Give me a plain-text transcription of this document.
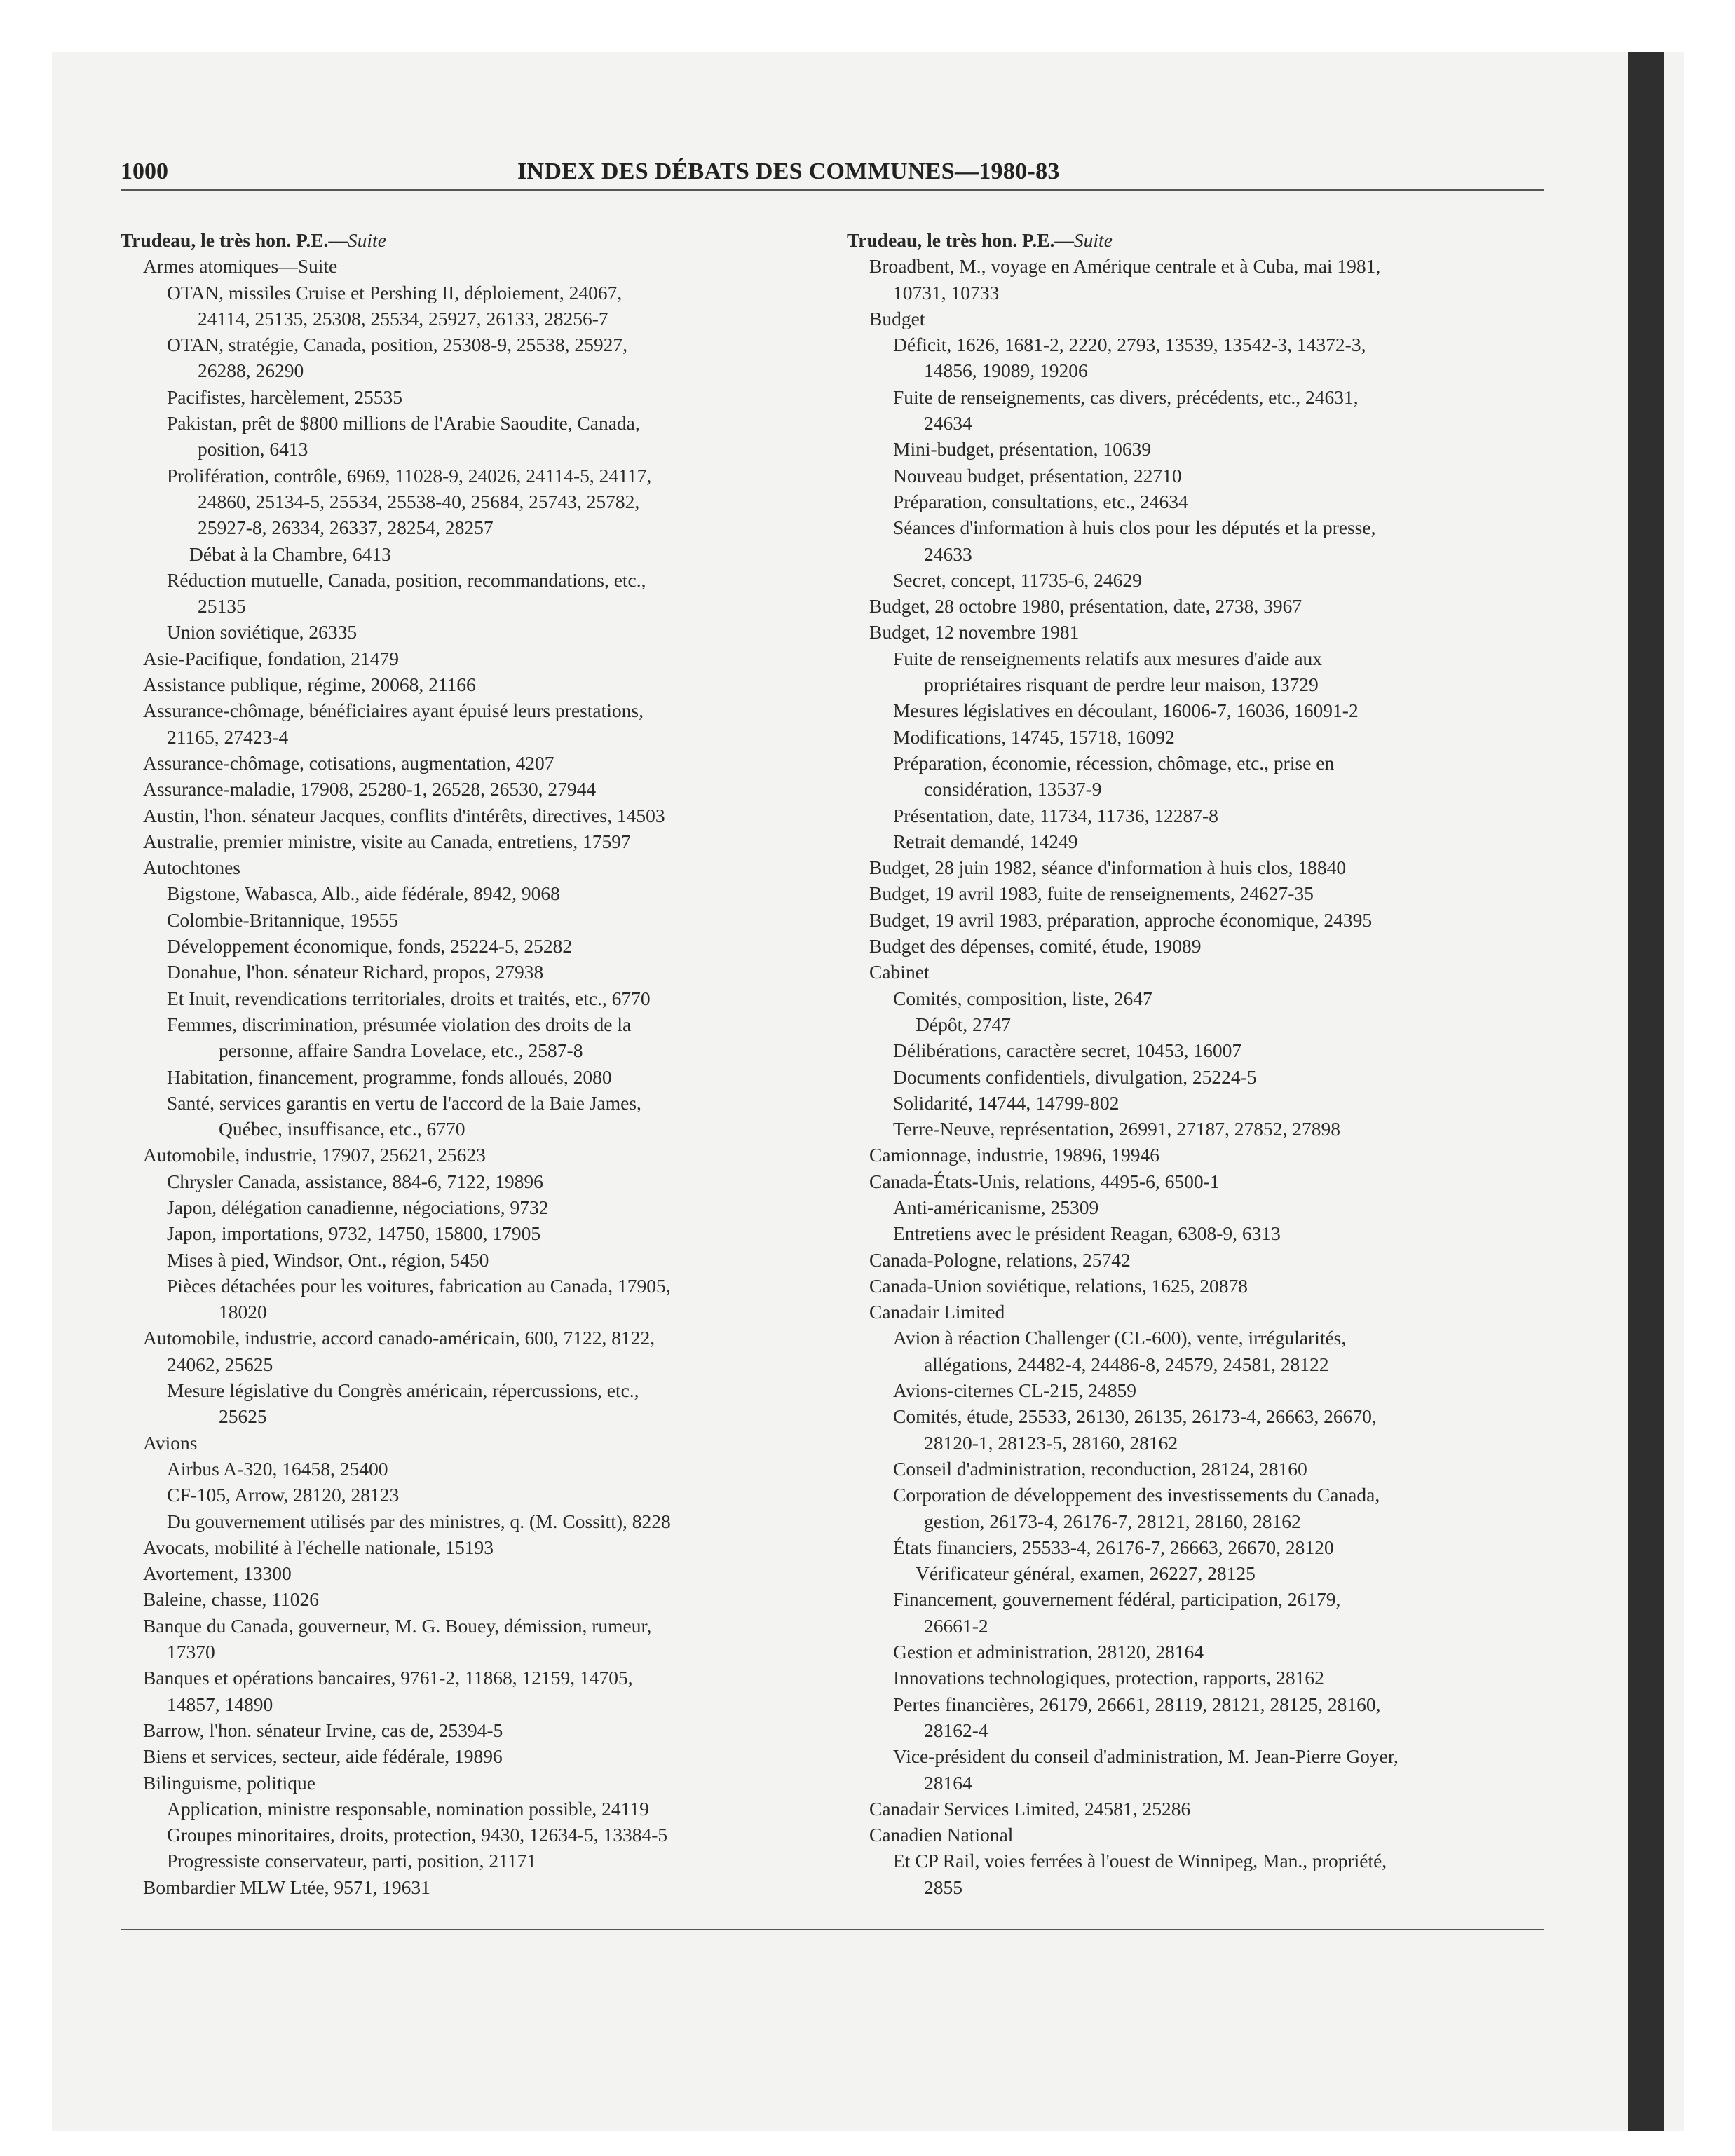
1000	INDEX DES DÉBATS DES COMMUNES—1980-83
Trudeau, le très hon. P.E.—Suite
Armes atomiques—Suite
OTAN, missiles Cruise et Pershing II, déploiement, 24067,
24114, 25135, 25308, 25534, 25927, 26133, 28256-7
OTAN, stratégie, Canada, position, 25308-9, 25538, 25927,
26288, 26290
Pacifistes, harcèlement, 25535
Pakistan, prêt de $800 millions de l'Arabie Saoudite, Canada,
position, 6413
Prolifération, contrôle, 6969, 11028-9, 24026, 24114-5, 24117,
24860, 25134-5, 25534, 25538-40, 25684, 25743, 25782,
25927-8, 26334, 26337, 28254, 28257
Débat à la Chambre, 6413
Réduction mutuelle, Canada, position, recommandations, etc.,
25135
Union soviétique, 26335
Asie-Pacifique, fondation, 21479
Assistance publique, régime, 20068, 21166
Assurance-chômage, bénéficiaires ayant épuisé leurs prestations,
21165, 27423-4
Assurance-chômage, cotisations, augmentation, 4207
Assurance-maladie, 17908, 25280-1, 26528, 26530, 27944
Austin, l'hon. sénateur Jacques, conflits d'intérêts, directives, 14503
Australie, premier ministre, visite au Canada, entretiens, 17597
Autochtones
Bigstone, Wabasca, Alb., aide fédérale, 8942, 9068
Colombie-Britannique, 19555
Développement économique, fonds, 25224-5, 25282
Donahue, l'hon. sénateur Richard, propos, 27938
Et Inuit, revendications territoriales, droits et traités, etc., 6770
Femmes, discrimination, présumée violation des droits de la
personne, affaire Sandra Lovelace, etc., 2587-8
Habitation, financement, programme, fonds alloués, 2080
Santé, services garantis en vertu de l'accord de la Baie James,
Québec, insuffisance, etc., 6770
Automobile, industrie, 17907, 25621, 25623
Chrysler Canada, assistance, 884-6, 7122, 19896
Japon, délégation canadienne, négociations, 9732
Japon, importations, 9732, 14750, 15800, 17905
Mises à pied, Windsor, Ont., région, 5450
Pièces détachées pour les voitures, fabrication au Canada, 17905,
18020
Automobile, industrie, accord canado-américain, 600, 7122, 8122,
24062, 25625
Mesure législative du Congrès américain, répercussions, etc.,
25625
Avions
Airbus A-320, 16458, 25400
CF-105, Arrow, 28120, 28123
Du gouvernement utilisés par des ministres, q. (M. Cossitt), 8228
Avocats, mobilité à l'échelle nationale, 15193
Avortement, 13300
Baleine, chasse, 11026
Banque du Canada, gouverneur, M. G. Bouey, démission, rumeur,
17370
Banques et opérations bancaires, 9761-2, 11868, 12159, 14705,
14857, 14890
Barrow, l'hon. sénateur Irvine, cas de, 25394-5
Biens et services, secteur, aide fédérale, 19896
Bilinguisme, politique
Application, ministre responsable, nomination possible, 24119
Groupes minoritaires, droits, protection, 9430, 12634-5, 13384-5
Progressiste conservateur, parti, position, 21171
Bombardier MLW Ltée, 9571, 19631
Trudeau, le très hon. P.E.—Suite
Broadbent, M., voyage en Amérique centrale et à Cuba, mai 1981,
10731, 10733
Budget
Déficit, 1626, 1681-2, 2220, 2793, 13539, 13542-3, 14372-3,
14856, 19089, 19206
Fuite de renseignements, cas divers, précédents, etc., 24631,
24634
Mini-budget, présentation, 10639
Nouveau budget, présentation, 22710
Préparation, consultations, etc., 24634
Séances d'information à huis clos pour les députés et la presse,
24633
Secret, concept, 11735-6, 24629
Budget, 28 octobre 1980, présentation, date, 2738, 3967
Budget, 12 novembre 1981
Fuite de renseignements relatifs aux mesures d'aide aux
propriétaires risquant de perdre leur maison, 13729
Mesures législatives en découlant, 16006-7, 16036, 16091-2
Modifications, 14745, 15718, 16092
Préparation, économie, récession, chômage, etc., prise en
considération, 13537-9
Présentation, date, 11734, 11736, 12287-8
Retrait demandé, 14249
Budget, 28 juin 1982, séance d'information à huis clos, 18840
Budget, 19 avril 1983, fuite de renseignements, 24627-35
Budget, 19 avril 1983, préparation, approche économique, 24395
Budget des dépenses, comité, étude, 19089
Cabinet
Comités, composition, liste, 2647
Dépôt, 2747
Délibérations, caractère secret, 10453, 16007
Documents confidentiels, divulgation, 25224-5
Solidarité, 14744, 14799-802
Terre-Neuve, représentation, 26991, 27187, 27852, 27898
Camionnage, industrie, 19896, 19946
Canada-États-Unis, relations, 4495-6, 6500-1
Anti-américanisme, 25309
Entretiens avec le président Reagan, 6308-9, 6313
Canada-Pologne, relations, 25742
Canada-Union soviétique, relations, 1625, 20878
Canadair Limited
Avion à réaction Challenger (CL-600), vente, irrégularités,
allégations, 24482-4, 24486-8, 24579, 24581, 28122
Avions-citernes CL-215, 24859
Comités, étude, 25533, 26130, 26135, 26173-4, 26663, 26670,
28120-1, 28123-5, 28160, 28162
Conseil d'administration, reconduction, 28124, 28160
Corporation de développement des investissements du Canada,
gestion, 26173-4, 26176-7, 28121, 28160, 28162
États financiers, 25533-4, 26176-7, 26663, 26670, 28120
Vérificateur général, examen, 26227, 28125
Financement, gouvernement fédéral, participation, 26179,
26661-2
Gestion et administration, 28120, 28164
Innovations technologiques, protection, rapports, 28162
Pertes financières, 26179, 26661, 28119, 28121, 28125, 28160,
28162-4
Vice-président du conseil d'administration, M. Jean-Pierre Goyer,
28164
Canadair Services Limited, 24581, 25286
Canadien National
Et CP Rail, voies ferrées à l'ouest de Winnipeg, Man., propriété,
2855
